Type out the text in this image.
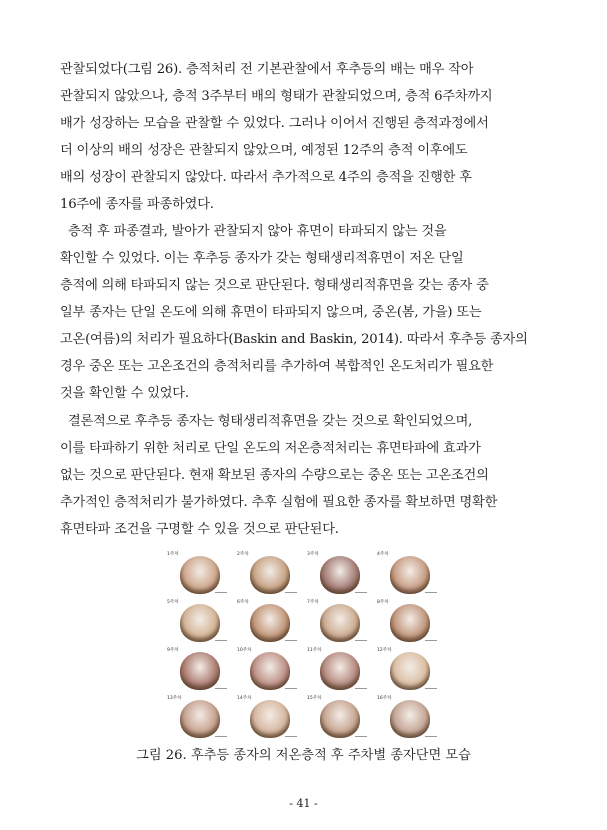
관찰되었다(그림 26). 층적처리 전 기본관찰에서 후추등의 배는 매우 작아
관찰되지 않았으나, 층적 3주부터 배의 형태가 관찰되었으며, 층적 6주차까지
배가 성장하는 모습을 관찰할 수 있었다. 그러나 이어서 진행된 층적과정에서
더 이상의 배의 성장은 관찰되지 않았으며, 예정된 12주의 층적 이후에도
배의 성장이 관찰되지 않았다. 따라서 추가적으로 4주의 층적을 진행한 후
16주에 종자를 파종하였다.
층적 후 파종결과, 발아가 관찰되지 않아 휴면이 타파되지 않는 것을
확인할 수 있었다. 이는 후추등 종자가 갖는 형태생리적휴면이 저온 단일
층적에 의해 타파되지 않는 것으로 판단된다. 형태생리적휴면을 갖는 종자 중
일부 종자는 단일 온도에 의해 휴면이 타파되지 않으며, 중온(봄, 가을) 또는
고온(여름)의 처리가 필요하다(Baskin and Baskin, 2014). 따라서 후추등 종자의
경우 중온 또는 고온조건의 층적처리를 추가하여 복합적인 온도처리가 필요한
것을 확인할 수 있었다.
결론적으로 후추등 종자는 형태생리적휴면을 갖는 것으로 확인되었으며,
이를 타파하기 위한 처리로 단일 온도의 저온층적처리는 휴면타파에 효과가
없는 것으로 판단된다. 현재 확보된 종자의 수량으로는 중온 또는 고온조건의
추가적인 층적처리가 불가하였다. 추후 실험에 필요한 종자를 확보하면 명확한
휴면타파 조건을 구명할 수 있을 것으로 판단된다.
1주차	2주차	3주차	4주차
5주차	6주차	7주차	8주차
9주차	10주차	11주차	12주차
13주차	14주차	15주차	16주차

그림 26. 후추등 종자의 저온층적 후 주차별 종자단면 모습

- 41 -
